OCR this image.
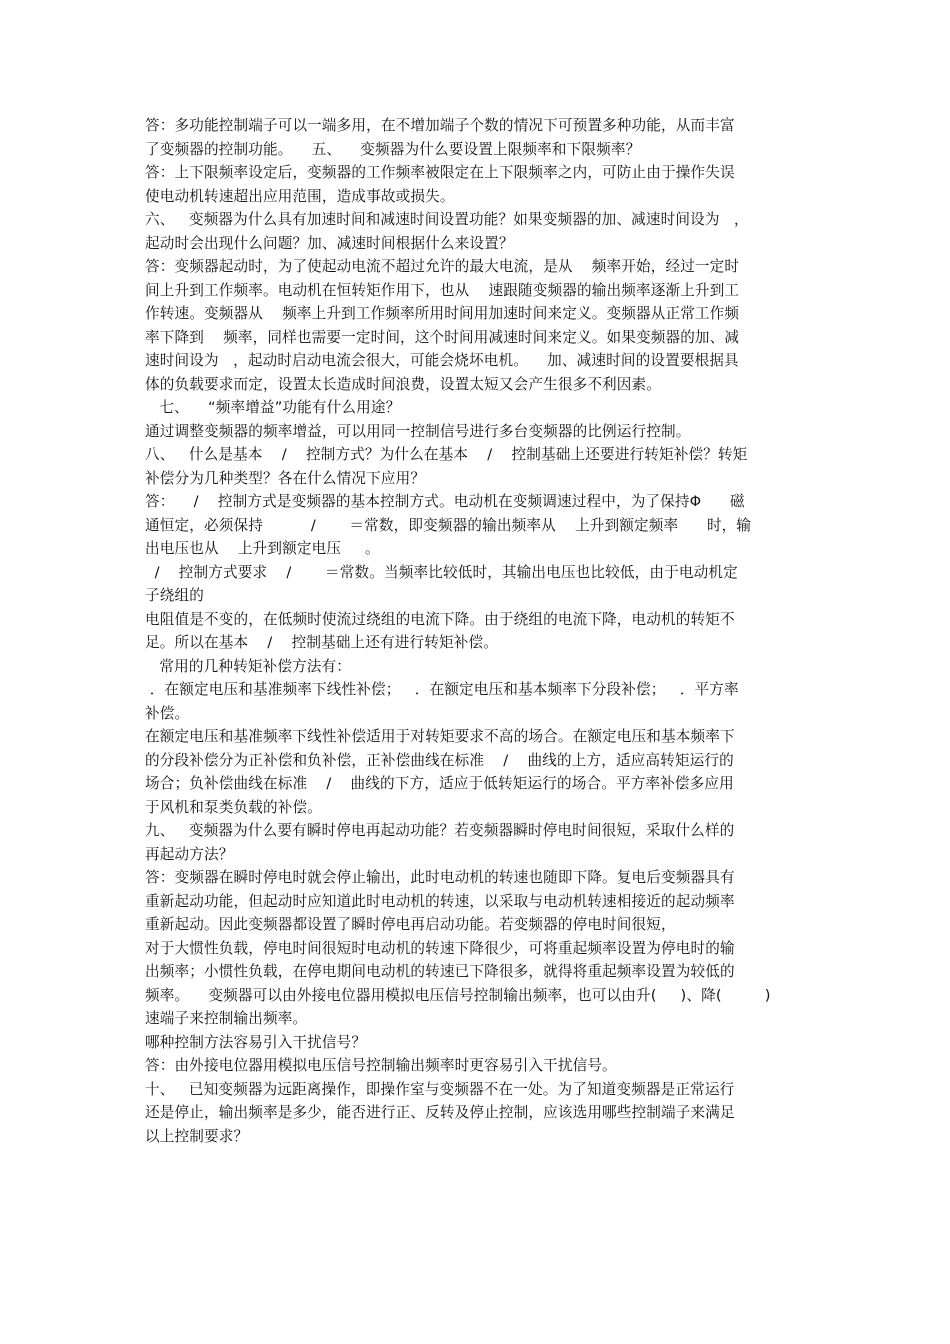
答：多功能控制端子可以一端多用，在不增加端子个数的情况下可预置多种功能，从而丰富
了变频器的控制功能。    五、    变频器为什么要设置上限频率和下限频率？
答：上下限频率设定后，变频器的工作频率被限定在上下限频率之内，可防止由于操作失误
使电动机转速超出应用范围，造成事故或损失。
六、   变频器为什么具有加速时间和减速时间设置功能？如果变频器的加、减速时间设为   ，
起动时会出现什么问题？加、减速时间根据什么来设置？
答：变频器起动时，为了使起动电流不超过允许的最大电流，是从    频率开始，经过一定时
间上升到工作频率。电动机在恒转矩作用下，也从    速跟随变频器的输出频率逐渐上升到工
作转速。变频器从    频率上升到工作频率所用时间用加速时间来定义。变频器从正常工作频
率下降到    频率，同样也需要一定时间，这个时间用减速时间来定义。如果变频器的加、减
速时间设为   ，起动时启动电流会很大，可能会烧坏电机。    加、减速时间的设置要根据具
体的负载要求而定，设置太长造成时间浪费，设置太短又会产生很多不利因素。
七、    “频率增益”功能有什么用途？
通过调整变频器的频率增益，可以用同一控制信号进行多台变频器的比例运行控制。
八、   什么是基本    /    控制方式？为什么在基本    /    控制基础上还要进行转矩补偿？转矩
补偿分为几种类型？各在什么情况下应用？
答：    /    控制方式是变频器的基本控制方式。电动机在变频调速过程中，为了保持Φ      磁
通恒定，必须保持          /       ＝常数，即变频器的输出频率从    上升到额定频率      时，输
出电压也从    上升到额定电压     。
/    控制方式要求    /       ＝常数。当频率比较低时，其输出电压也比较低，由于电动机定
子绕组的
电阻值是不变的，在低频时使流过绕组的电流下降。由于绕组的电流下降，电动机的转矩不
足。所以在基本    /    控制基础上还有进行转矩补偿。
常用的几种转矩补偿方法有：
．在额定电压和基准频率下线性补偿；   ．在额定电压和基本频率下分段补偿；   ．平方率
补偿。
在额定电压和基准频率下线性补偿适用于对转矩要求不高的场合。在额定电压和基本频率下
的分段补偿分为正补偿和负补偿，正补偿曲线在标准    /    曲线的上方，适应高转矩运行的
场合；负补偿曲线在标准    /    曲线的下方，适应于低转矩运行的场合。平方率补偿多应用
于风机和泵类负载的补偿。
九、   变频器为什么要有瞬时停电再起动功能？若变频器瞬时停电时间很短，采取什么样的
再起动方法？
答：变频器在瞬时停电时就会停止输出，此时电动机的转速也随即下降。复电后变频器具有
重新起动功能，但起动时应知道此时电动机的转速，以采取与电动机转速相接近的起动频率
重新起动。因此变频器都设置了瞬时停电再启动功能。若变频器的停电时间很短，
对于大惯性负载，停电时间很短时电动机的转速下降很少，可将重起频率设置为停电时的输
出频率；小惯性负载，在停电期间电动机的转速已下降很多，就得将重起频率设置为较低的
频率。    变频器可以由外接电位器用模拟电压信号控制输出频率，也可以由升(     )、降(         )
速端子来控制输出频率。
哪种控制方法容易引入干扰信号？
答：由外接电位器用模拟电压信号控制输出频率时更容易引入干扰信号。
十、   已知变频器为远距离操作，即操作室与变频器不在一处。为了知道变频器是正常运行
还是停止，输出频率是多少，能否进行正、反转及停止控制，应该选用哪些控制端子来满足
以上控制要求？
